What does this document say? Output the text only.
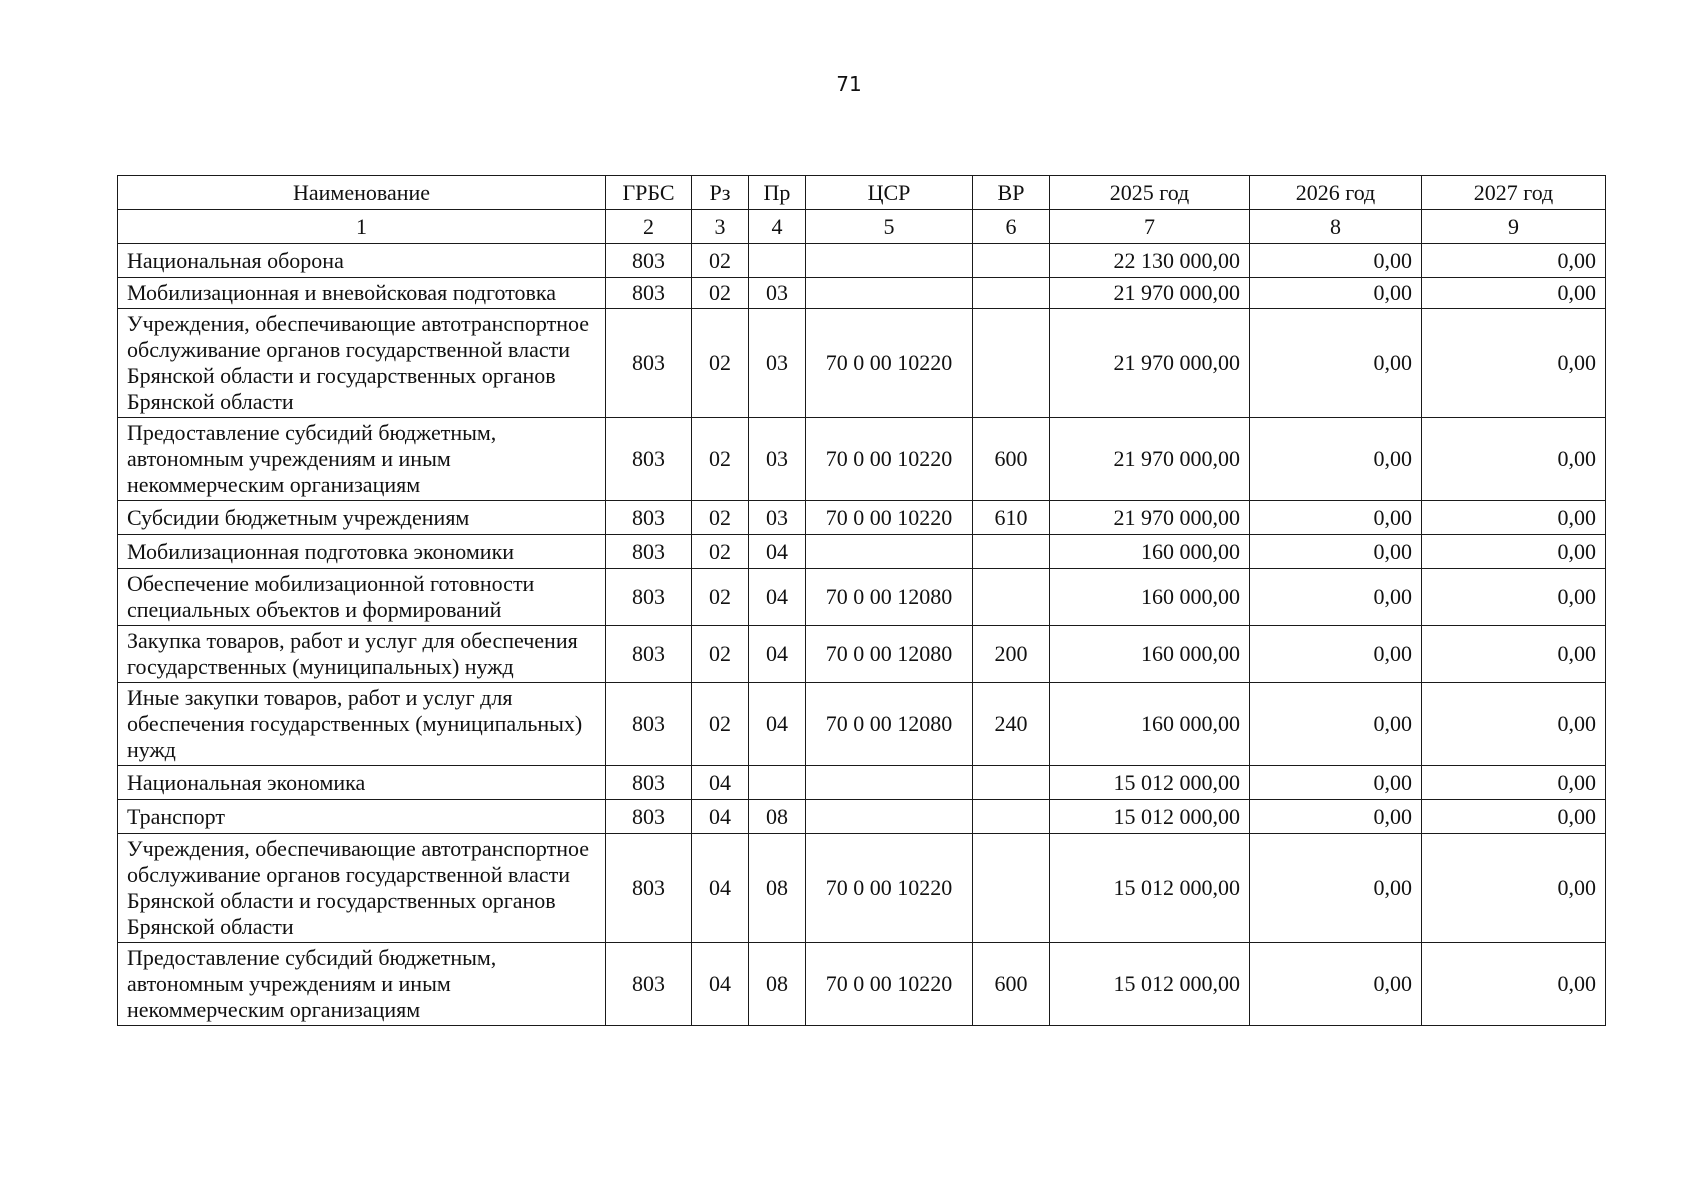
71
Наименование	ГРБС	Рз	Пр	ЦСР	ВР	2025 год	2026 год	2027 год
1	2	3	4	5	6	7	8	9
Национальная оборона	803	02				22 130 000,00	0,00	0,00
Мобилизационная и вневойсковая подготовка	803	02	03			21 970 000,00	0,00	0,00
Учреждения, обеспечивающие автотранспортное обслуживание органов государственной власти Брянской области и государственных органов Брянской области	803	02	03	70 0 00 10220		21 970 000,00	0,00	0,00
Предоставление субсидий бюджетным, автономным учреждениям и иным некоммерческим организациям	803	02	03	70 0 00 10220	600	21 970 000,00	0,00	0,00
Субсидии бюджетным учреждениям	803	02	03	70 0 00 10220	610	21 970 000,00	0,00	0,00
Мобилизационная подготовка экономики	803	02	04			160 000,00	0,00	0,00
Обеспечение мобилизационной готовности специальных объектов и формирований	803	02	04	70 0 00 12080		160 000,00	0,00	0,00
Закупка товаров, работ и услуг для обеспечения государственных (муниципальных) нужд	803	02	04	70 0 00 12080	200	160 000,00	0,00	0,00
Иные закупки товаров, работ и услуг для обеспечения государственных (муниципальных) нужд	803	02	04	70 0 00 12080	240	160 000,00	0,00	0,00
Национальная экономика	803	04				15 012 000,00	0,00	0,00
Транспорт	803	04	08			15 012 000,00	0,00	0,00
Учреждения, обеспечивающие автотранспортное обслуживание органов государственной власти Брянской области и государственных органов Брянской области	803	04	08	70 0 00 10220		15 012 000,00	0,00	0,00
Предоставление субсидий бюджетным, автономным учреждениям и иным некоммерческим организациям	803	04	08	70 0 00 10220	600	15 012 000,00	0,00	0,00
